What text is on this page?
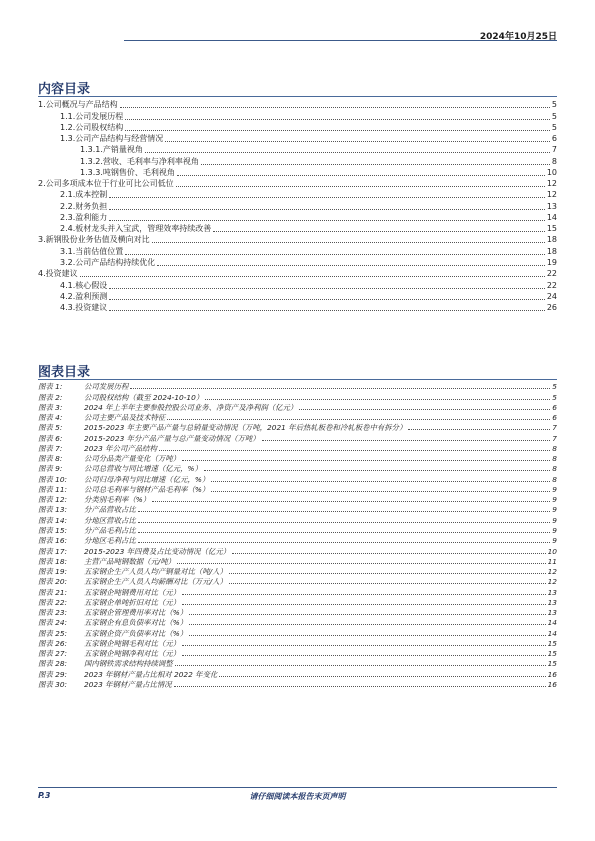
2024年10月25日
内容目录
1.公司概况与产品结构	5
1.1.公司发展历程	5
1.2.公司股权结构	5
1.3.公司产品结构与经营情况	6
1.3.1.产销量视角	7
1.3.2.营收、毛利率与净利率视角	8
1.3.3.吨钢售价、毛利视角	10
2.公司多项成本位于行业可比公司低位	12
2.1.成本控制	12
2.2.财务负担	13
2.3.盈利能力	14
2.4.板材龙头并入宝武，管理效率持续改善	15
3.新钢股份业务估值及横向对比	18
3.1.当前估值位置	18
3.2.公司产品结构持续优化	19
4.投资建议	22
4.1.核心假设	22
4.2.盈利预测	24
4.3.投资建议	26
图表目录
图表 1:	公司发展历程	5
图表 2:	公司股权结构（截至 2024-10-10）	5
图表 3:	2024 年上半年主要参股控股公司业务、净资产及净利润（亿元）	6
图表 4:	公司主要产品及技术特征	6
图表 5:	2015-2023 年主要产品产量与总销量变动情况（万吨，2021 年后热轧板卷和冷轧板卷中有拆分）	7
图表 6:	2015-2023 年分产品产量与总产量变动情况（万吨）	7
图表 7:	2023 年公司产品结构	8
图表 8:	公司分品类产量变化（万吨）	8
图表 9:	公司总营收与同比增速（亿元，%）	8
图表 10:	公司归母净利与同比增速（亿元，%）	8
图表 11:	公司总毛利率与钢材产品毛利率（%）	9
图表 12:	分类别毛利率（%）	9
图表 13:	分产品营收占比	9
图表 14:	分地区营收占比	9
图表 15:	分产品毛利占比	9
图表 16:	分地区毛利占比	9
图表 17:	2015-2023 年四费及占比变动情况（亿元）	10
图表 18:	主营产品吨钢数据（元/吨）	11
图表 19:	五家钢企生产人员人均产钢量对比（吨/人）	12
图表 20:	五家钢企生产人员人均薪酬对比（万元/人）	12
图表 21:	五家钢企吨钢费用对比（元）	13
图表 22:	五家钢企单吨折旧对比（元）	13
图表 23:	五家钢企管理费用率对比（%）	13
图表 24:	五家钢企有息负债率对比（%）	14
图表 25:	五家钢企资产负债率对比（%）	14
图表 26:	五家钢企吨钢毛利对比（元）	15
图表 27:	五家钢企吨钢净利对比（元）	15
图表 28:	国内钢铁需求结构持续调整	15
图表 29:	2023 年钢材产量占比相对 2022 年变化	16
图表 30:	2023 年钢材产量占比情况	16
P.3	请仔细阅读本报告末页声明
